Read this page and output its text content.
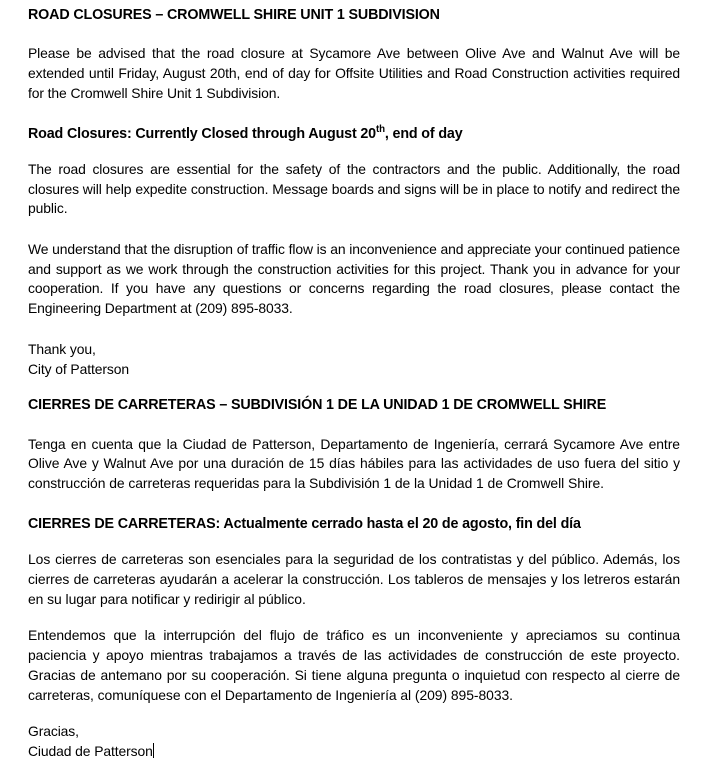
ROAD CLOSURES – CROMWELL SHIRE UNIT 1 SUBDIVISION

Please be advised that the road closure at Sycamore Ave between Olive Ave and Walnut Ave will be extended until Friday, August 20th, end of day for Offsite Utilities and Road Construction activities required for the Cromwell Shire Unit 1 Subdivision.

Road Closures: Currently Closed through August 20th, end of day

The road closures are essential for the safety of the contractors and the public. Additionally, the road closures will help expedite construction. Message boards and signs will be in place to notify and redirect the public.

We understand that the disruption of traffic flow is an inconvenience and appreciate your continued patience and support as we work through the construction activities for this project. Thank you in advance for your cooperation. If you have any questions or concerns regarding the road closures, please contact the Engineering Department at (209) 895-8033.

Thank you,

City of Patterson

CIERRES DE CARRETERAS – SUBDIVISIÓN 1 DE LA UNIDAD 1 DE CROMWELL SHIRE

Tenga en cuenta que la Ciudad de Patterson, Departamento de Ingeniería, cerrará Sycamore Ave entre Olive Ave y Walnut Ave por una duración de 15 días hábiles para las actividades de uso fuera del sitio y construcción de carreteras requeridas para la Subdivisión 1 de la Unidad 1 de Cromwell Shire.

CIERRES DE CARRETERAS: Actualmente cerrado hasta el 20 de agosto, fin del día

Los cierres de carreteras son esenciales para la seguridad de los contratistas y del público. Además, los cierres de carreteras ayudarán a acelerar la construcción. Los tableros de mensajes y los letreros estarán en su lugar para notificar y redirigir al público.

Entendemos que la interrupción del flujo de tráfico es un inconveniente y apreciamos su continua paciencia y apoyo mientras trabajamos a través de las actividades de construcción de este proyecto. Gracias de antemano por su cooperación. Si tiene alguna pregunta o inquietud con respecto al cierre de carreteras, comuníquese con el Departamento de Ingeniería al (209) 895-8033.

Gracias,

Ciudad de Patterson
